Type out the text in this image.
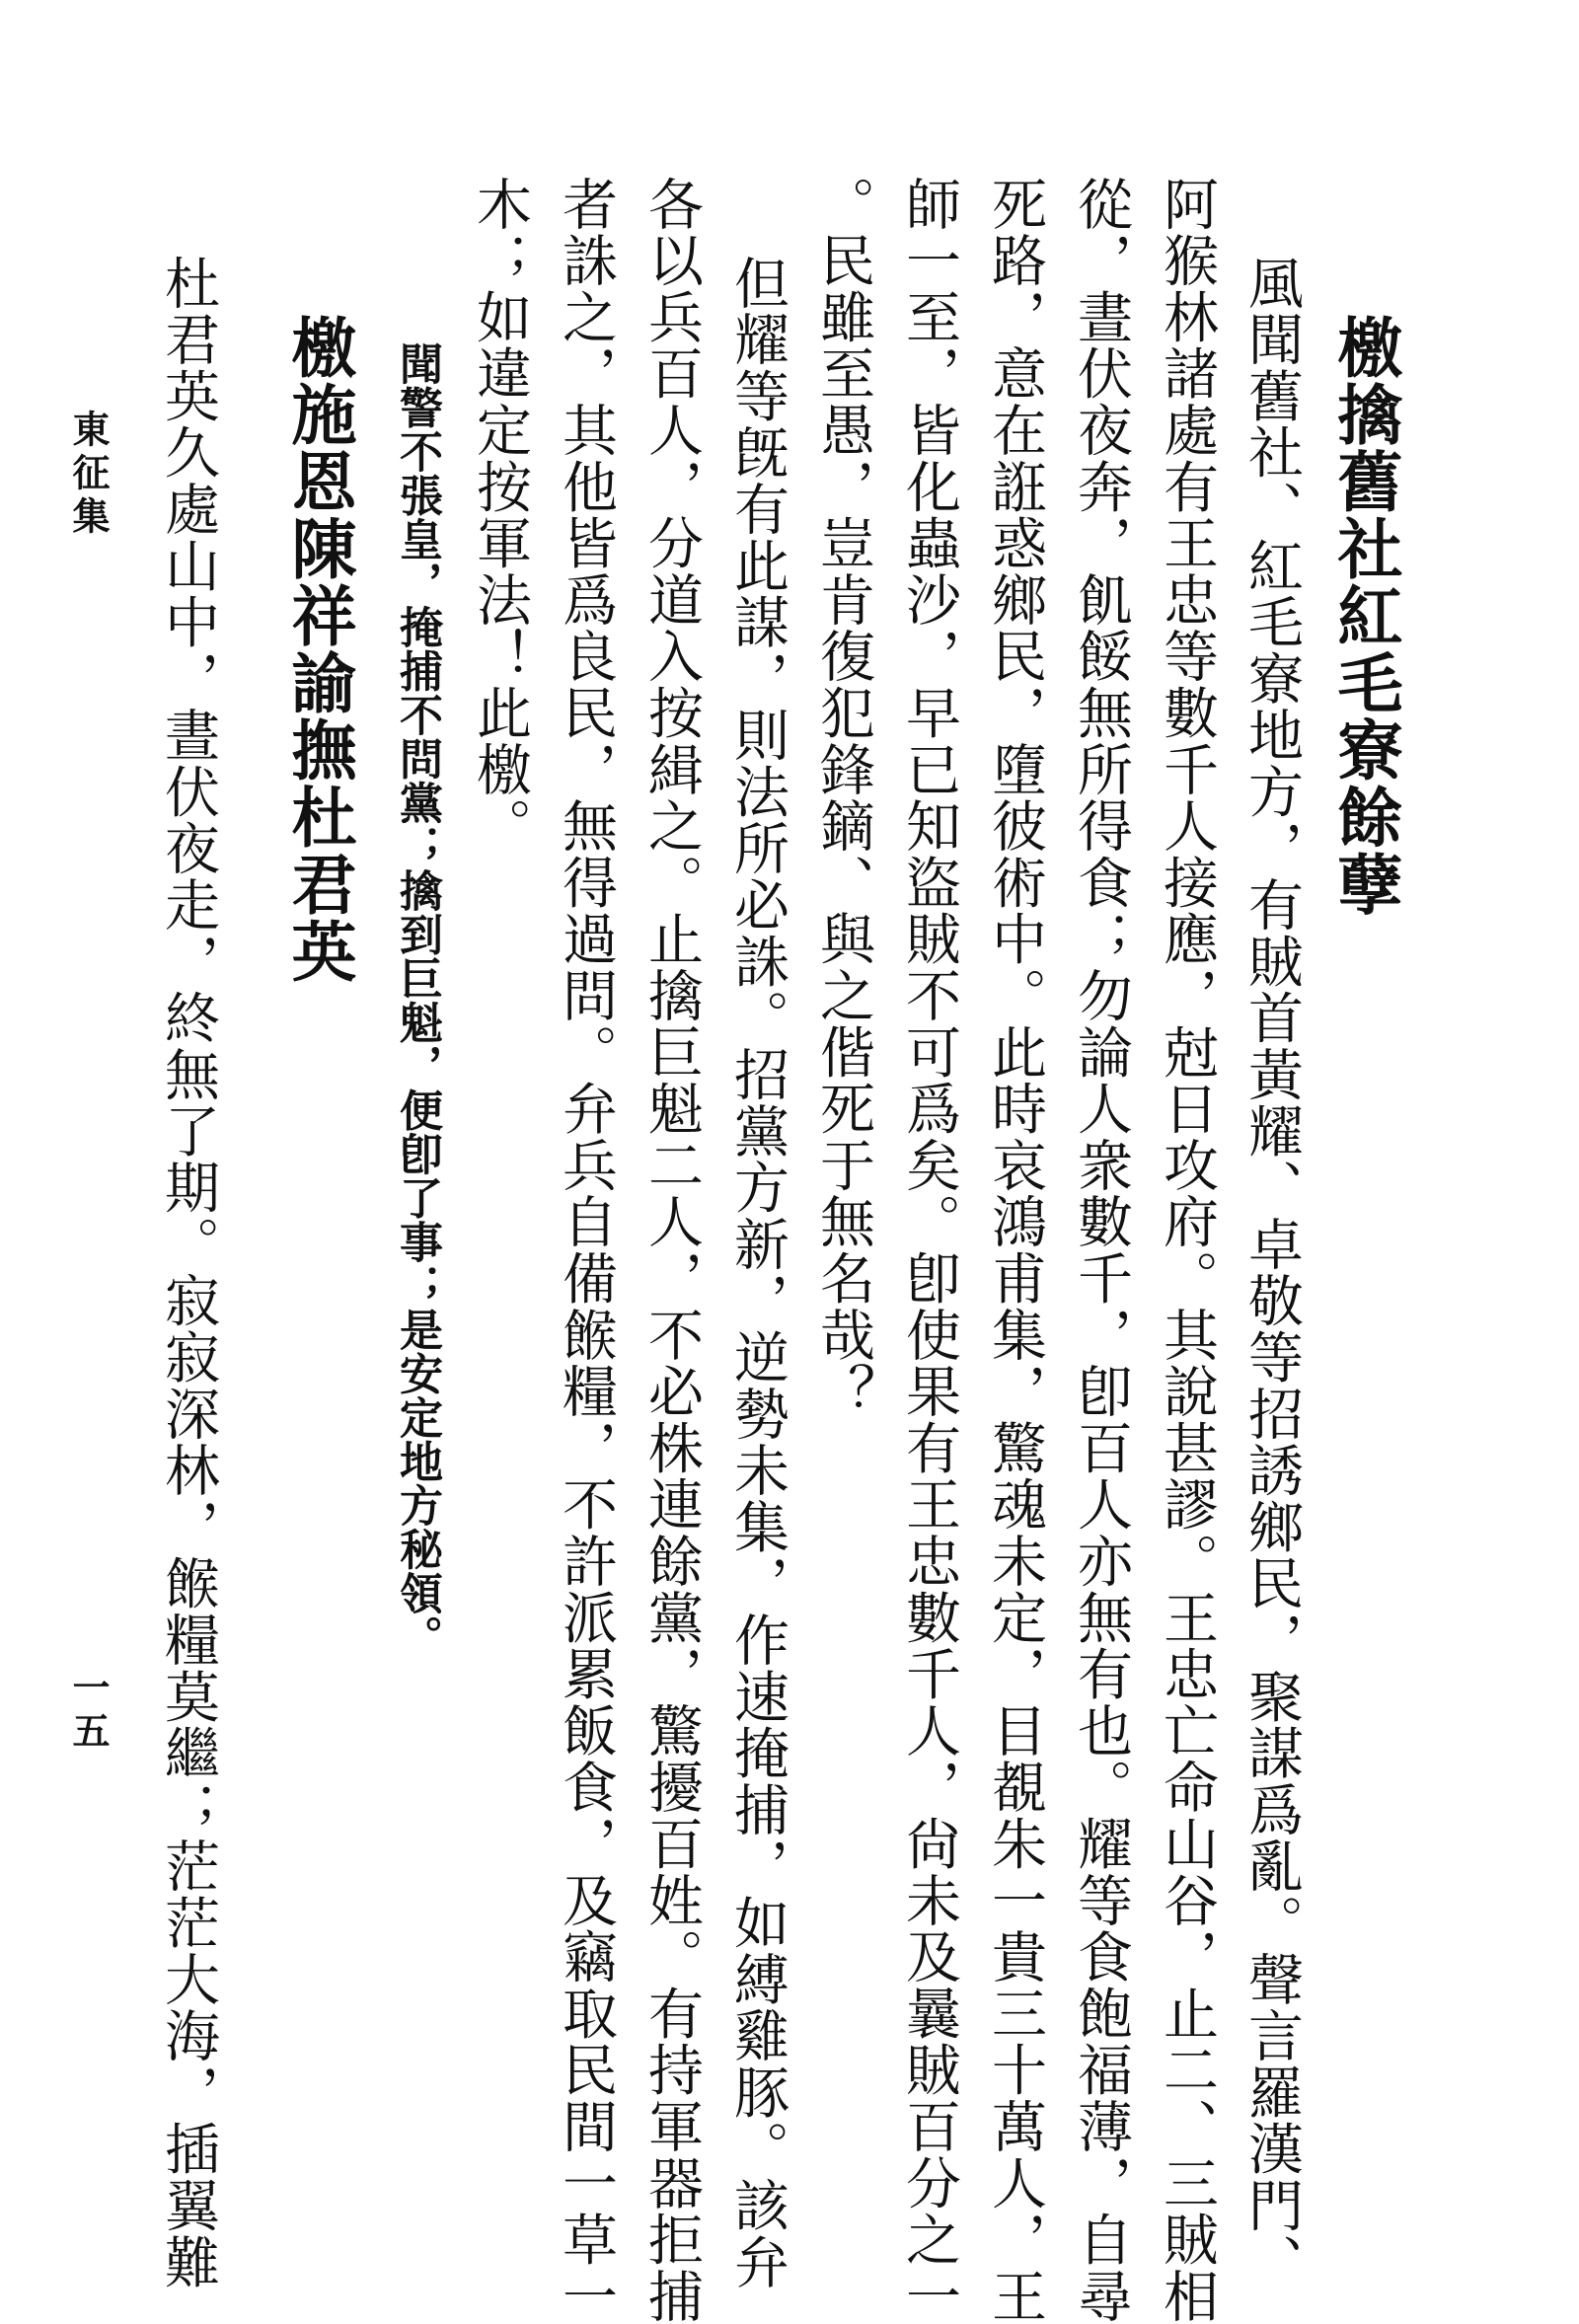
檄擒舊社紅毛寮餘孽
風聞舊社、紅毛寮地方，有賊首黃耀、卓敬等招誘鄉民，聚謀爲亂。聲言羅漢門、
阿猴林諸處有王忠等數千人接應，尅日攻府。其說甚謬。王忠亡命山谷，止二、三賊相
從，晝伏夜奔，飢餒無所得食；勿論人衆數千，卽百人亦無有也。耀等食飽福薄，自尋
死路，意在誑惑鄉民，墮彼術中。此時哀鴻甫集，驚魂未定，目覩朱一貴三十萬人，王
師一至，皆化蟲沙，早已知盜賊不可爲矣。卽使果有王忠數千人，尙未及曩賊百分之一
。民雖至愚，豈肯復犯鋒鏑、與之偕死于無名哉？
但耀等旣有此謀，則法所必誅。招黨方新，逆勢未集，作速掩捕，如縛雞豚。該弁
各以兵百人，分道入按緝之。止擒巨魁二人，不必株連餘黨，驚擾百姓。有持軍器拒捕
者誅之，其他皆爲良民，無得過問。弁兵自備餱糧，不許派累飯食，及竊取民間一草一
木；如違定按軍法！此檄。
聞警不張皇，掩捕不問黨；擒到巨魁，便卽了事；是安定地方秘領。
檄施恩陳祥諭撫杜君英
杜君英久處山中，晝伏夜走，終無了期。寂寂深林，餱糧莫繼；茫茫大海，插翼難
東征集
一五
